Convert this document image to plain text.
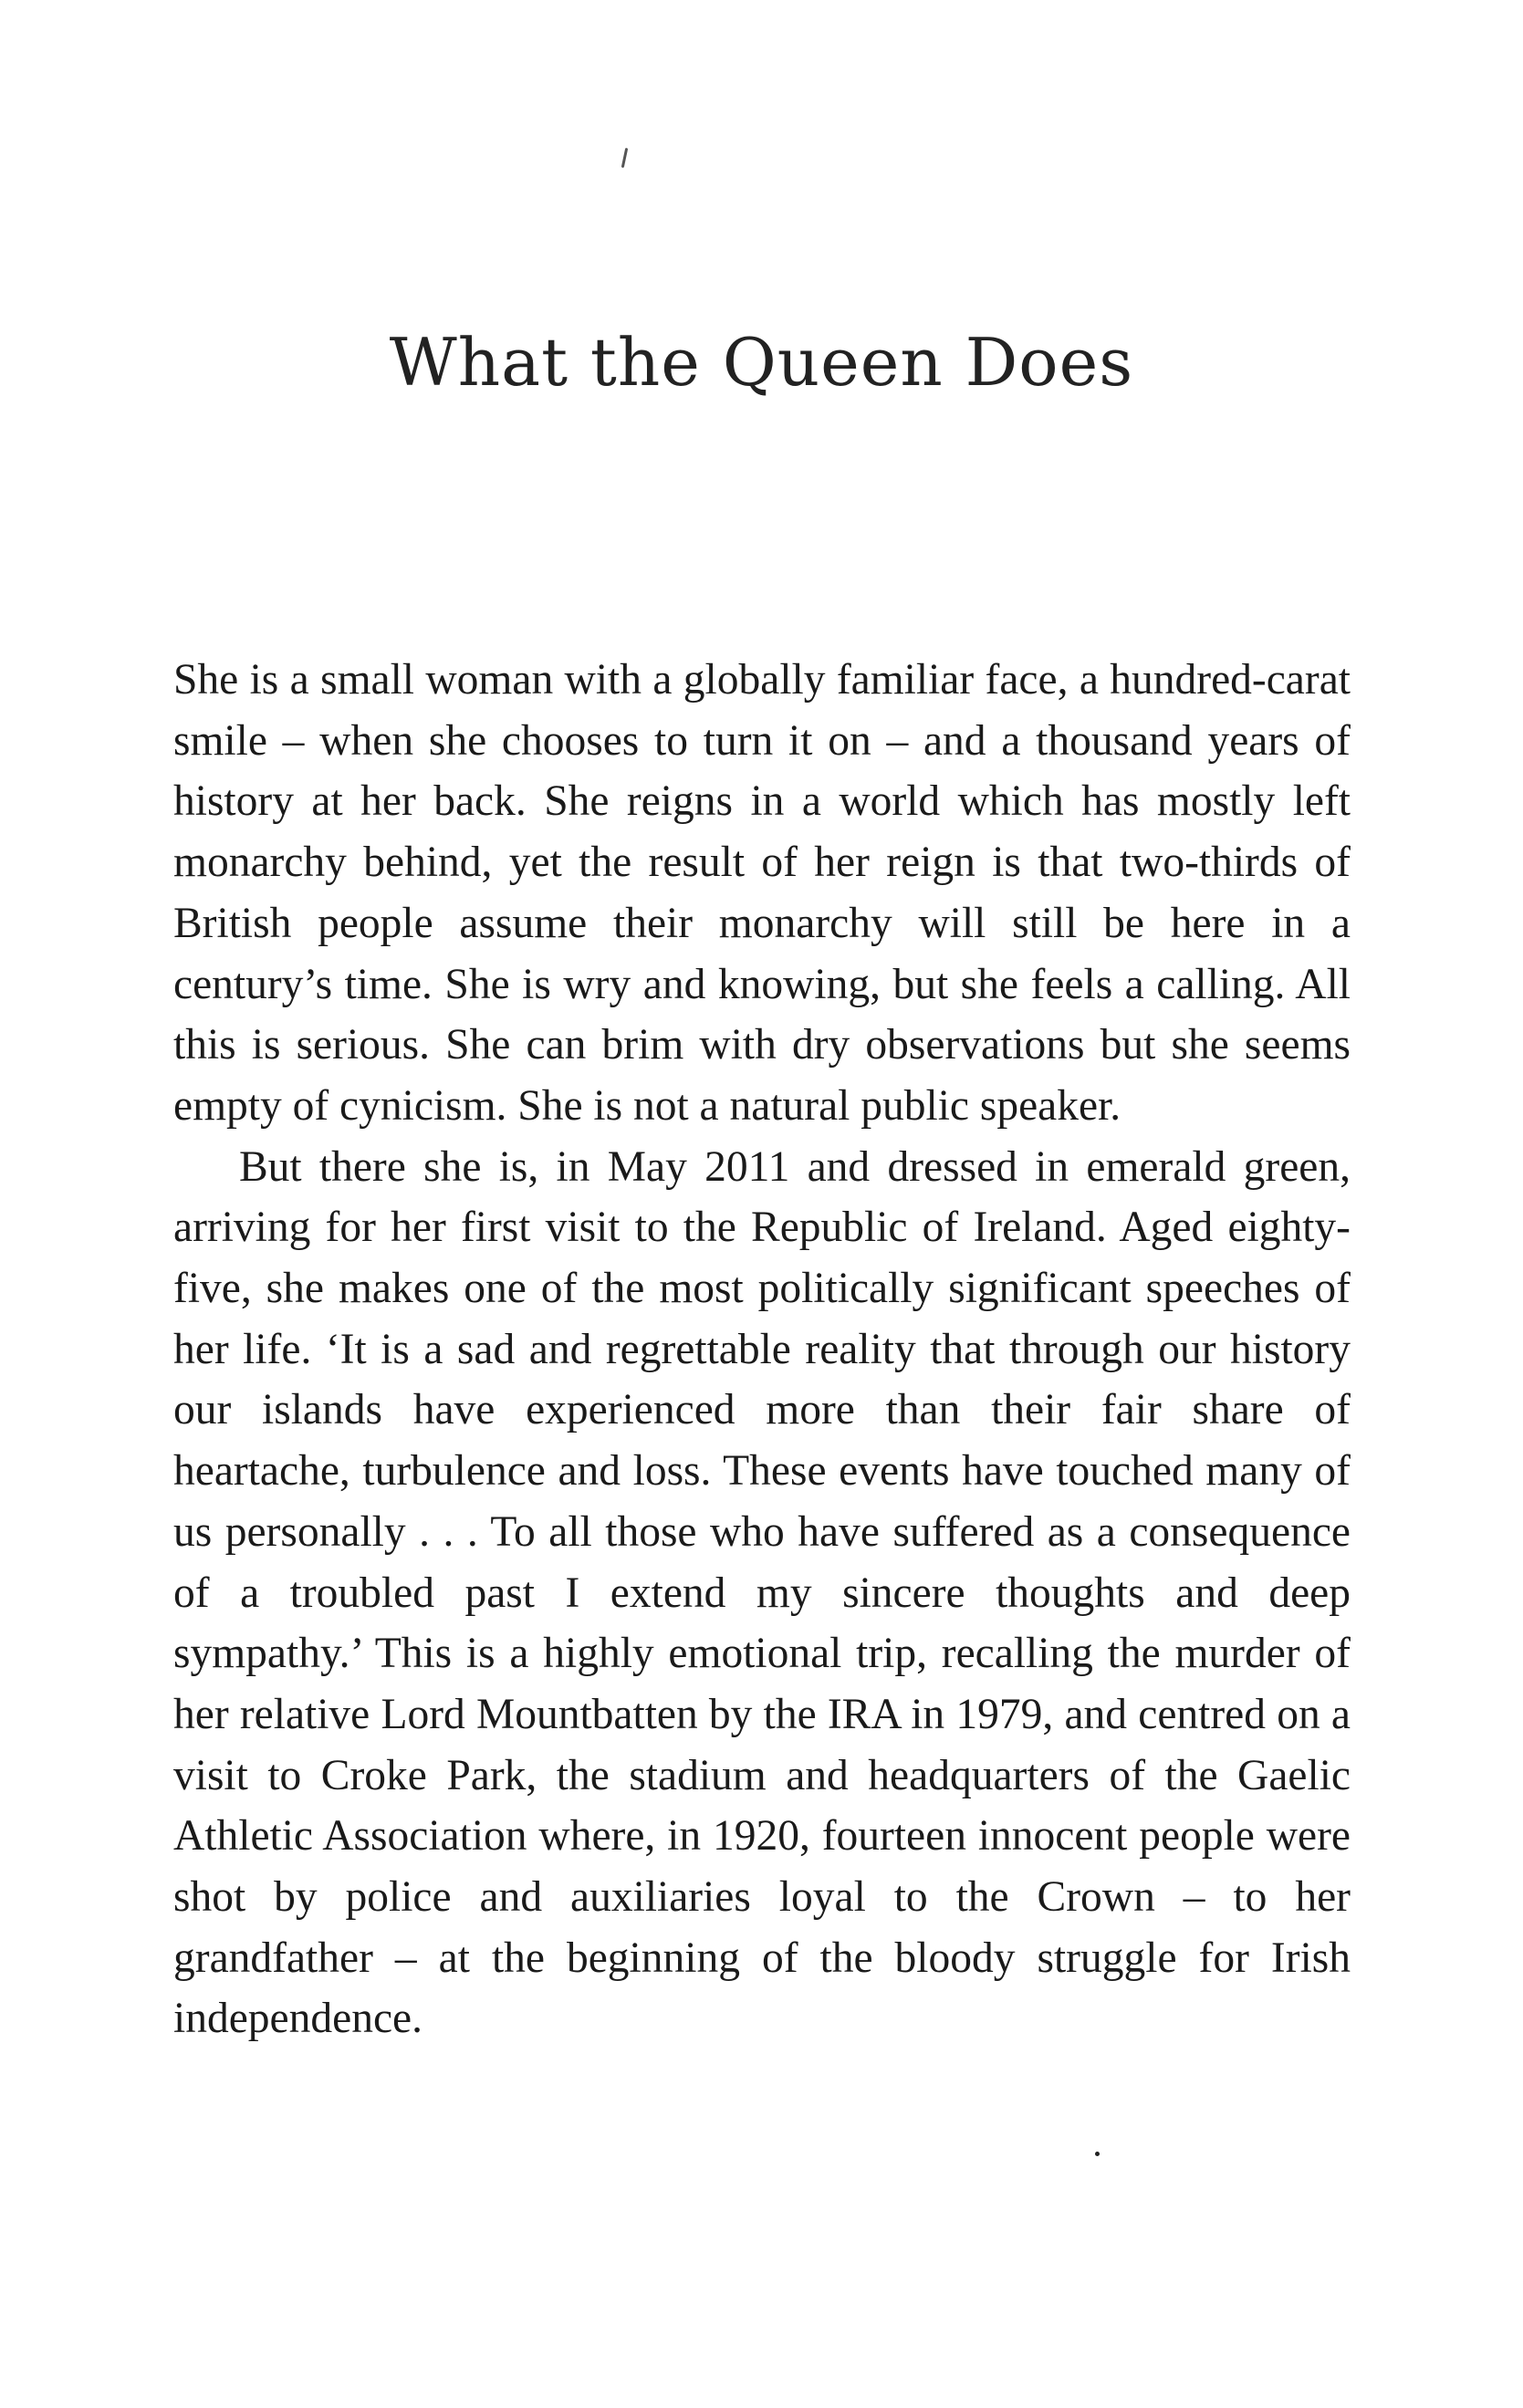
What the Queen Does

She is a small woman with a globally familiar face, a hundred-carat smile – when she chooses to turn it on – and a thousand years of history at her back. She reigns in a world which has mostly left monarchy behind, yet the result of her reign is that two-thirds of British people assume their monarchy will still be here in a century’s time. She is wry and knowing, but she feels a calling. All this is serious. She can brim with dry observations but she seems empty of cynicism. She is not a natural public speaker.

But there she is, in May 2011 and dressed in emerald green, arriving for her first visit to the Republic of Ireland. Aged eighty-five, she makes one of the most politically significant speeches of her life. ‘It is a sad and regrettable reality that through our history our islands have experienced more than their fair share of heartache, turbulence and loss. These events have touched many of us personally . . . To all those who have suffered as a consequence of a troubled past I extend my sincere thoughts and deep sympathy.’ This is a highly emotional trip, recalling the murder of her relative Lord Mountbatten by the IRA in 1979, and centred on a visit to Croke Park, the stadium and headquarters of the Gaelic Athletic Association where, in 1920, fourteen innocent people were shot by police and auxiliaries loyal to the Crown – to her grandfather – at the beginning of the bloody struggle for Irish independence.
